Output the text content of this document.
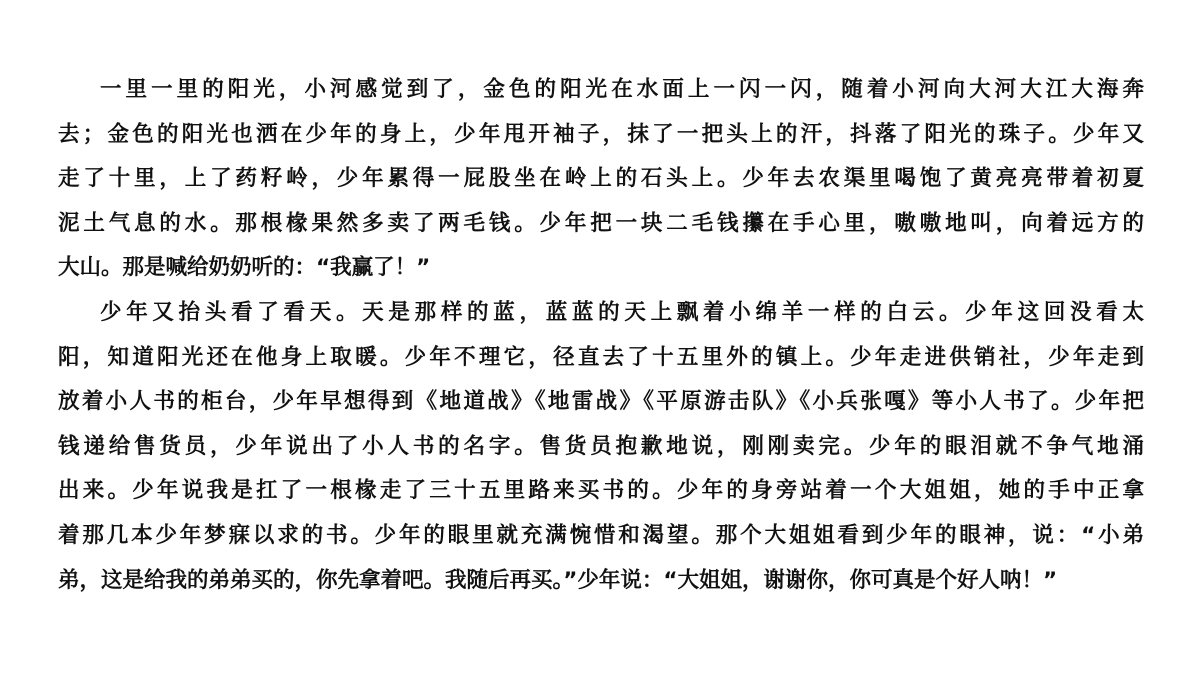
一里一里的阳光，小河感觉到了，金色的阳光在水面上一闪一闪，随着小河向大河大江大海奔
去；金色的阳光也洒在少年的身上，少年甩开袖子，抹了一把头上的汗，抖落了阳光的珠子。少年又
走了十里，上了药籽岭，少年累得一屁股坐在岭上的石头上。少年去农渠里喝饱了黄亮亮带着初夏
泥土气息的水。那根椽果然多卖了两毛钱。少年把一块二毛钱攥在手心里，嗷嗷地叫，向着远方的
大山。那是喊给奶奶听的：“我赢了！”
少年又抬头看了看天。天是那样的蓝，蓝蓝的天上飘着小绵羊一样的白云。少年这回没看太
阳，知道阳光还在他身上取暖。少年不理它，径直去了十五里外的镇上。少年走进供销社，少年走到
放着小人书的柜台，少年早想得到《地道战》《地雷战》《平原游击队》《小兵张嘎》等小人书了。少年把
钱递给售货员，少年说出了小人书的名字。售货员抱歉地说，刚刚卖完。少年的眼泪就不争气地涌
出来。少年说我是扛了一根椽走了三十五里路来买书的。少年的身旁站着一个大姐姐，她的手中正拿
着那几本少年梦寐以求的书。少年的眼里就充满惋惜和渴望。那个大姐姐看到少年的眼神，说：“小弟
弟，这是给我的弟弟买的，你先拿着吧。我随后再买。”少年说：“大姐姐，谢谢你，你可真是个好人呐！”
